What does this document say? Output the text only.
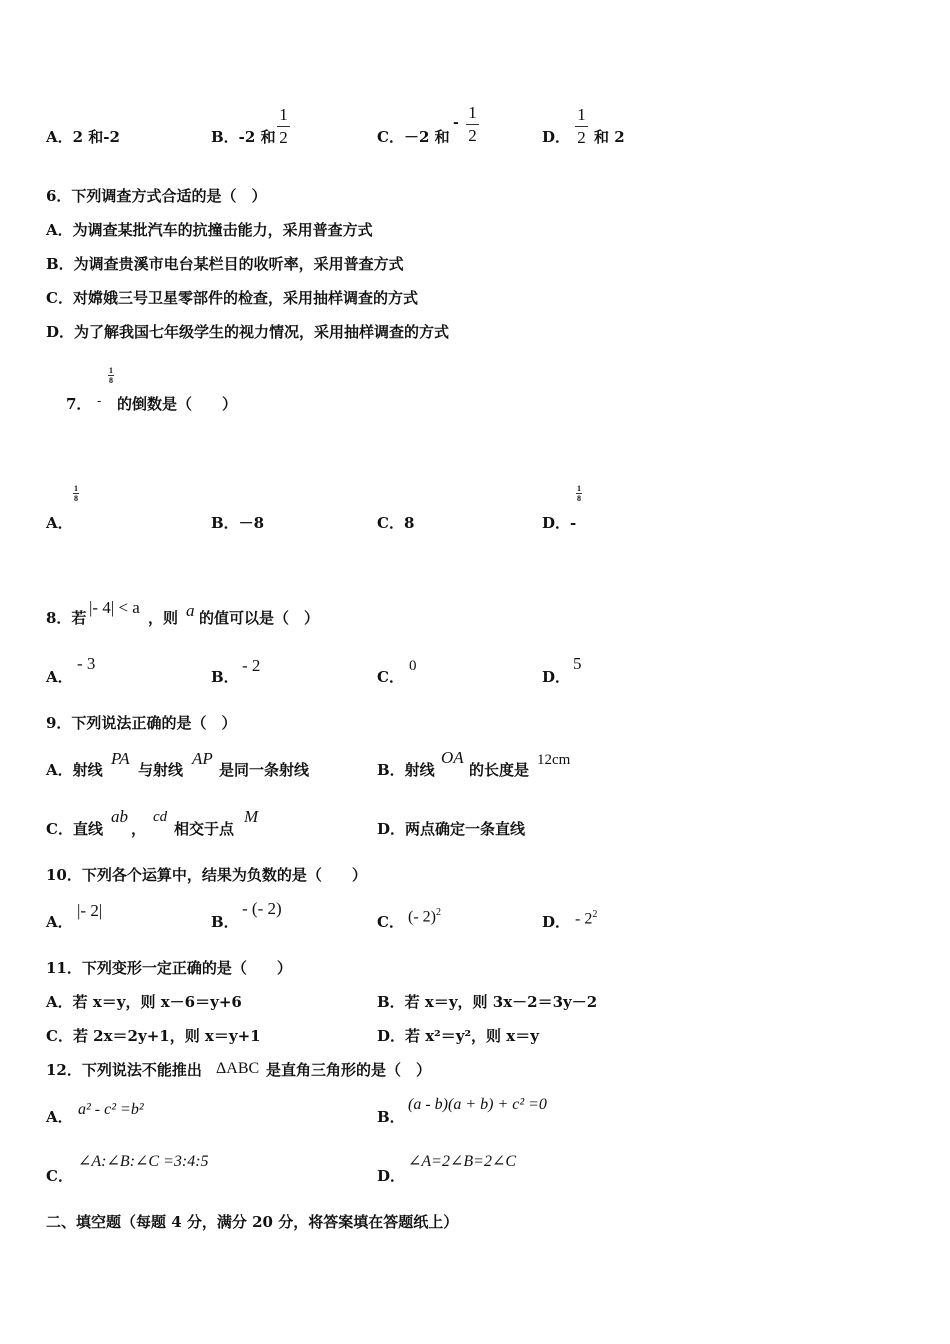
A．2 和-2	B．-2 和
1
2	C．－2 和
-
1
2	D．
1
2 和 2
6．下列调查方式合适的是（　）
A．为调查某批汽车的抗撞击能力，采用普查方式
B．为调查贵溪市电台某栏目的收听率，采用普查方式
C．对嫦娥三号卫星零部件的检查，采用抽样调查的方式
D．为了解我国七年级学生的视力情况，采用抽样调查的方式
7． -
1
8
的倒数是（　　）
1
8
A．	B．－8	C．8
1
8
D．-
8．若
|- 4| < a
，则 a 的值可以是（　）
A．
- 3
B．
- 2
C．
0
D．
5
9．下列说法正确的是（　）
A．射线
PA
与射线
AP
是同一条射线	B．射线
OA
的长度是
12cm
C．直线
ab
，
cd
相交于点
M
D．两点确定一条直线
10．下列各个运算中，结果为负数的是（　　）
A．
|- 2|
B．
- (- 2)
C． (- 2)$^2$
D． - $2^2$
11．下列变形一定正确的是（　　）
A．若 x＝y，则 x－6＝y+6	B．若 x＝y，则 3x－2＝3y－2
C．若 2x＝2y+1，则 x＝y+1	D．若 x²＝y²，则 x＝y
12．下列说法不能推出 ΔABC 是直角三角形的是（　）
A． a² - c² =b²	B．
(a - b)(a + b) + c² =0
C．
∠A:∠B:∠C =3:4:5
D．
∠A=2∠B=2∠C
二、填空题（每题 4 分，满分 20 分，将答案填在答题纸上）
